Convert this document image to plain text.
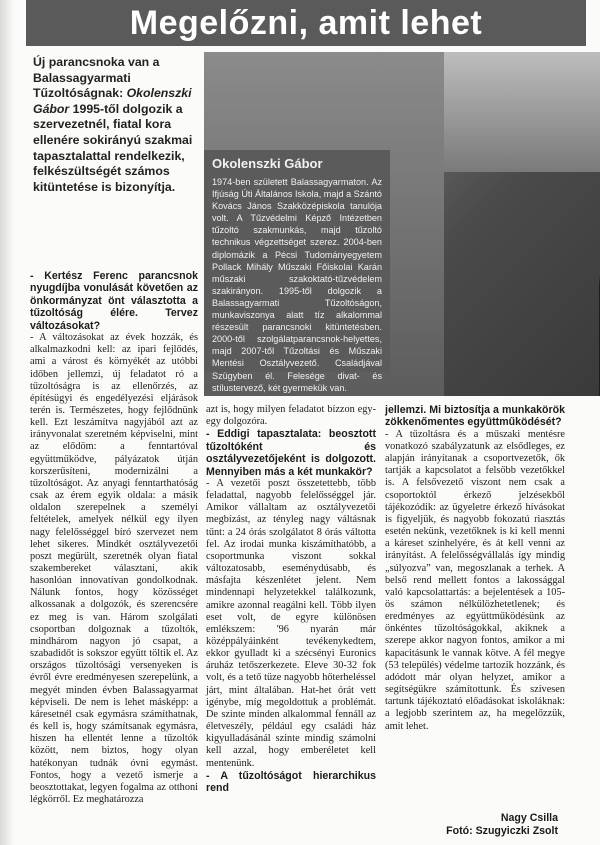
Megelőzni, amit lehet
Új parancsnoka van a Balassagyarmati Tűzoltóságnak: Okolenszki Gábor 1995-től dolgozik a szervezetnél, fiatal kora ellenére sokirányú szakmai tapasztalattal rendelkezik, felkészültségét számos kitüntetése is bizonyítja.
Okolenszki Gábor
1974-ben született Balassagyarmaton. Az Ifjúság Úti Általános Iskola, majd a Szántó Kovács János Szakközépiskola tanulója volt. A Tűzvédelmi Képző Intézetben tűzoltó szakmunkás, majd tűzoltó technikus végzettséget szerez. 2004-ben diplomázik a Pécsi Tudományegyetem Pollack Mihály Műszaki Főiskolai Karán műszaki szakoktató-tűzvédelem szakirányon. 1995-től dolgozik a Balassagyarmati Tűzoltóságon, munkaviszonya alatt tíz alkalommal részesült parancsnoki kitüntetésben. 2000-től szolgálatparancsnok-helyettes, majd 2007-től Tűzoltási és Műszaki Mentési Osztályvezető. Családjával Szügyben él. Felesége divat- és stílustervező, két gyermekük van.

- Kertész Ferenc parancsnok nyugdíjba vonulását követően az önkormányzat önt választotta a tűzoltóság élére. Tervez változásokat?

- A változásokat az évek hozzák, és alkalmazkodni kell: az ipari fejlődés, ami a várost és környékét az utóbbi időben jellemzi, új feladatot ró a tűzoltóságra is az ellenőrzés, az építésügyi és engedélyezési eljárások terén is. Természetes, hogy fejlődnünk kell. Ezt leszámítva nagyjából azt az irányvonalat szeretném képviselni, mint az elődöm: a fenntartóval együttműködve, pályázatok útján korszerűsíteni, modernizálni a tűzoltóságot. Az anyagi fenntarthatóság csak az érem egyik oldala: a másik oldalon szerepelnek a személyi feltételek, amelyek nélkül egy ilyen nagy felelősséggel bíró szervezet nem lehet sikeres. Mindkét osztályvezetői poszt megürült, szeretnék olyan fiatal szakembereket választani, akik hasonlóan innovatívan gondolkodnak. Nálunk fontos, hogy közösséget alkossanak a dolgozók, és szerencsére ez meg is van. Három szolgálati csoportban dolgoznak a tűzoltók, mindhárom nagyon jó csapat, a szabadidőt is sokszor együtt töltik el. Az országos tűzoltósági versenyeken is évről évre eredményesen szerepelünk, a megyét minden évben Balassagyarmat képviseli. De nem is lehet másképp: a káresetnél csak egymásra számíthatnak, és kell is, hogy számítsanak egymásra, hiszen ha ellentét lenne a tűzoltók között, nem biztos, hogy olyan hatékonyan tudnák óvni egymást. Fontos, hogy a vezető ismerje a beosztottakat, legyen fogalma az otthoni légkörről. Ez meghatározza

azt is, hogy milyen feladatot bízzon egy-egy dolgozóra.

- Eddigi tapasztalata: beosztott tűzoltóként és osztályvezetőjeként is dolgozott. Mennyiben más a két munkakör?

- A vezetői poszt összetettebb, több feladattal, nagyobb felelősséggel jár. Amikor vállaltam az osztályvezetői megbízást, az tényleg nagy váltásnak tűnt: a 24 órás szolgálatot 8 órás váltotta fel. Az irodai munka kiszámíthatóbb, a csoportmunka viszont sokkal változatosabb, eseménydúsabb, és másfajta készenlétet jelent. Nem mindennapi helyzetekkel találkozunk, amikre azonnal reagálni kell. Több ilyen eset volt, de egyre különösen emlékszem: '96 nyarán már középpályáinként tevékenykedtem, ekkor gyulladt ki a szécsényi Euronics áruház tetőszerkezete. Eleve 30-32 fok volt, és a tető tüze nagyobb hőterheléssel járt, mint általában. Hat-het órát vett igénybe, míg megoldottuk a problémát. De szinte minden alkalommal fennáll az életveszély, például egy családi ház kigyulladásánál szinte mindig számolni kell azzal, hogy emberéletet kell mentenünk.

- A tűzoltóságot hierarchikus rend

jellemzi. Mi biztosítja a munkakörök zökkenőmentes együttműködését?

- A tűzoltásra és a műszaki mentésre vonatkozó szabályzatunk az elsődleges, ez alapján irányítanak a csoportvezetők, ők tartják a kapcsolatot a felsőbb vezetőkkel is. A felsővezető viszont nem csak a csoportoktól érkező jelzésekből tájékozódik: az ügyeletre érkező hívásokat is figyeljük, és nagyobb fokozatú riasztás esetén nekünk, vezetőknek is ki kell menni a káreset színhelyére, és át kell venni az irányítást. A felelősségvállalás így mindig „súlyozva” van, megoszlanak a terhek. A belső rend mellett fontos a lakossággal való kapcsolattartás: a bejelentések a 105-ös számon nélkülözhetetlenek; és eredményes az együttműködésünk az önkéntes tűzoltóságokkal, akiknek a szerepe akkor nagyon fontos, amikor a mi kapacitásunk le vannak kötve. A fél megye (53 település) védelme tartozik hozzánk, és adódott már olyan helyzet, amikor a segítségükre számítottunk. És szívesen tartunk tájékoztató előadásokat iskoláknak: a legjobb szerintem az, ha megelőzzük, amit lehet.

Nagy Csilla
Fotó: Szugyiczki Zsolt
